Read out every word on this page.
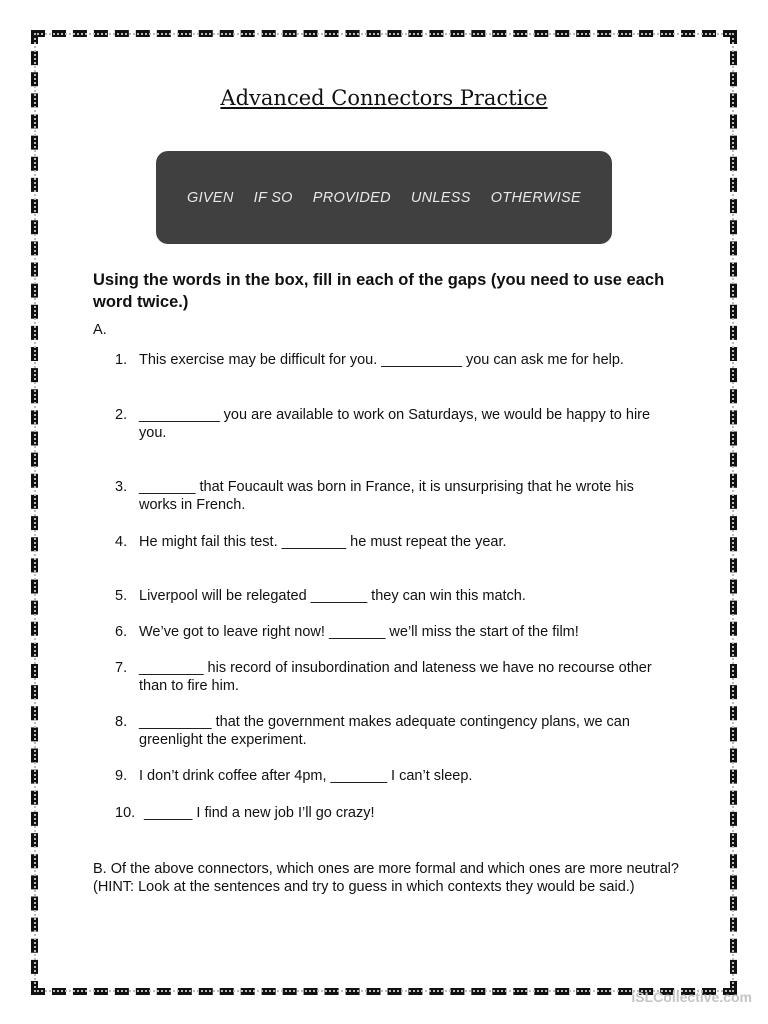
Advanced Connectors Practice
GIVEN IF SO PROVIDED UNLESS OTHERWISE
Using the words in the box, fill in each of the gaps (you need to use each word twice.)
A.
1. This exercise may be difficult for you. __________ you can ask me for help.
2. __________ you are available to work on Saturdays, we would be happy to hire you.
3. _______ that Foucault was born in France, it is unsurprising that he wrote his works in French.
4. He might fail this test. ________ he must repeat the year.
5. Liverpool will be relegated _______ they can win this match.
6. We’ve got to leave right now! _______ we’ll miss the start of the film!
7. ________ his record of insubordination and lateness we have no recourse other than to fire him.
8. _________ that the government makes adequate contingency plans, we can greenlight the experiment.
9. I don’t drink coffee after 4pm, _______ I can’t sleep.
10. ______ I find a new job I’ll go crazy!
B. Of the above connectors, which ones are more formal and which ones are more neutral? (HINT: Look at the sentences and try to guess in which contexts they would be said.)
iSLCollective.com
